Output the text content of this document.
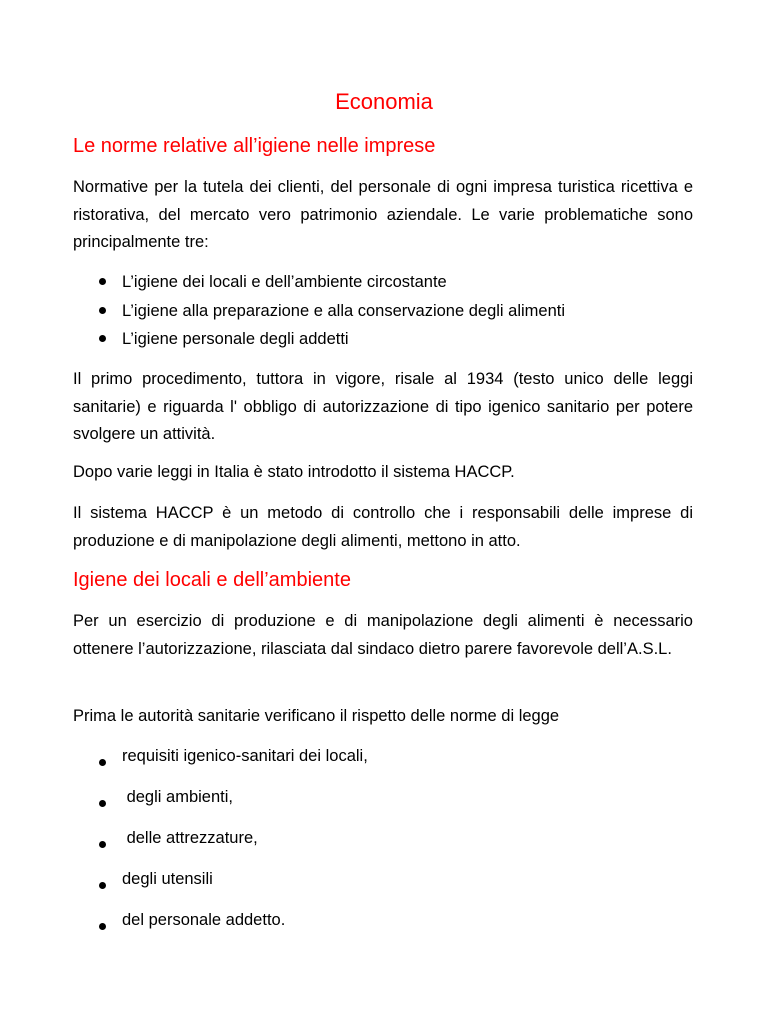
Economia
Le norme relative all’igiene nelle imprese
Normative per la tutela dei clienti, del personale di ogni impresa turistica ricettiva e ristorativa, del mercato vero patrimonio aziendale. Le varie problematiche sono principalmente tre:
L’igiene dei locali e dell’ambiente circostante
L’igiene alla preparazione e alla conservazione degli alimenti
L’igiene personale degli addetti
Il primo procedimento, tuttora in vigore, risale al 1934 (testo unico delle leggi sanitarie) e riguarda l' obbligo di autorizzazione di tipo igenico sanitario per potere svolgere un attività.
Dopo varie leggi in Italia è stato introdotto il sistema HACCP.
Il sistema HACCP è un metodo di controllo che i responsabili delle imprese di produzione e di manipolazione degli alimenti, mettono in atto.
Igiene dei locali e dell’ambiente
Per un esercizio di produzione e di manipolazione degli alimenti è necessario ottenere l’autorizzazione, rilasciata dal sindaco dietro parere favorevole dell’A.S.L.
Prima le autorità sanitarie verificano il rispetto delle norme di legge
requisiti igenico-sanitari dei locali,
degli ambienti,
delle attrezzature,
degli utensili
del personale addetto.
